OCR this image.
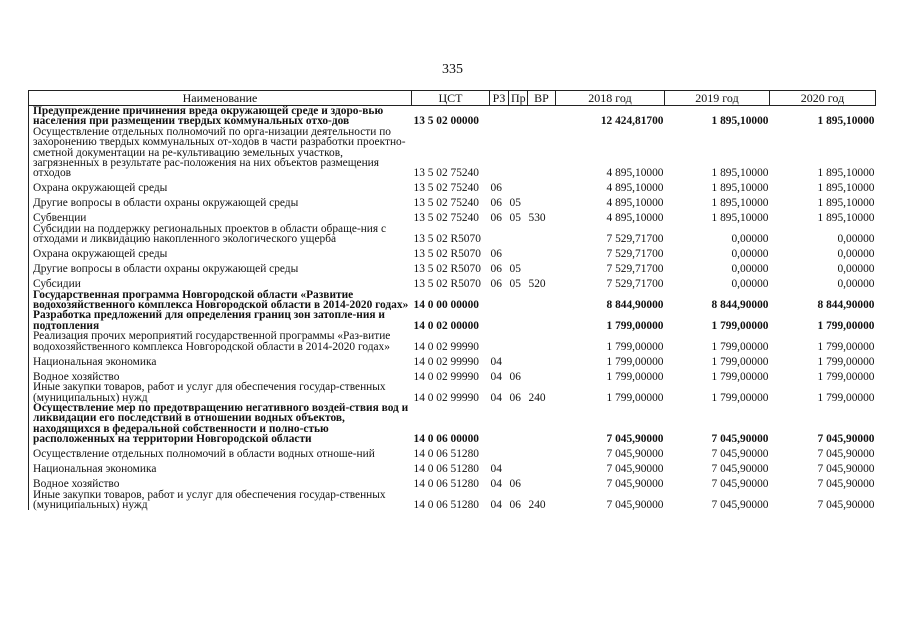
335
Наименование	ЦСТ	РЗ	Пр	ВР	2018 год	2019 год	2020 год
Предупреждение причинения вреда окружающей среде и здоро-вью населения при размещении твердых коммунальных отхо-дов	13 5 02 00000				12 424,81700	1 895,10000	1 895,10000
Осуществление отдельных полномочий по орга-низации деятельности по захоронению твердых коммунальных от-ходов в части разработки проектно-сметной документации на ре-культивацию земельных участков, загрязненных в результате рас-положения на них объектов размещения отходов	13 5 02 75240				4 895,10000	1 895,10000	1 895,10000
Охрана окружающей среды	13 5 02 75240	06			4 895,10000	1 895,10000	1 895,10000
Другие вопросы в области охраны окружающей среды	13 5 02 75240	06	05		4 895,10000	1 895,10000	1 895,10000
Субвенции	13 5 02 75240	06	05	530	4 895,10000	1 895,10000	1 895,10000
Субсидии на поддержку региональных проектов в области обраще-ния с отходами и ликвидацию накопленного экологического ущерба	13 5 02 R5070				7 529,71700	0,00000	0,00000
Охрана окружающей среды	13 5 02 R5070	06			7 529,71700	0,00000	0,00000
Другие вопросы в области охраны окружающей среды	13 5 02 R5070	06	05		7 529,71700	0,00000	0,00000
Субсидии	13 5 02 R5070	06	05	520	7 529,71700	0,00000	0,00000
Государственная программа Новгородской области «Развитие водохозяйственного комплекса Новгородской области в 2014-2020 годах»	14 0 00 00000				8 844,90000	8 844,90000	8 844,90000
Разработка предложений для определения границ зон затопле-ния и подтопления	14 0 02 00000				1 799,00000	1 799,00000	1 799,00000
Реализация прочих мероприятий государственной программы «Раз-витие водохозяйственного комплекса Новгородской области в 2014-2020 годах»	14 0 02 99990				1 799,00000	1 799,00000	1 799,00000
Национальная экономика	14 0 02 99990	04			1 799,00000	1 799,00000	1 799,00000
Водное хозяйство	14 0 02 99990	04	06		1 799,00000	1 799,00000	1 799,00000
Иные закупки товаров, работ и услуг для обеспечения государ-ственных (муниципальных) нужд	14 0 02 99990	04	06	240	1 799,00000	1 799,00000	1 799,00000
Осуществление мер по предотвращению негативного воздей-ствия вод и ликвидации его последствий в отношении водных объектов, находящихся в федеральной собственности и полно-стью расположенных на территории Новгородской области	14 0 06 00000				7 045,90000	7 045,90000	7 045,90000
Осуществление отдельных полномочий в области водных отноше-ний	14 0 06 51280				7 045,90000	7 045,90000	7 045,90000
Национальная экономика	14 0 06 51280	04			7 045,90000	7 045,90000	7 045,90000
Водное хозяйство	14 0 06 51280	04	06		7 045,90000	7 045,90000	7 045,90000
Иные закупки товаров, работ и услуг для обеспечения государ-ственных (муниципальных) нужд	14 0 06 51280	04	06	240	7 045,90000	7 045,90000	7 045,90000
